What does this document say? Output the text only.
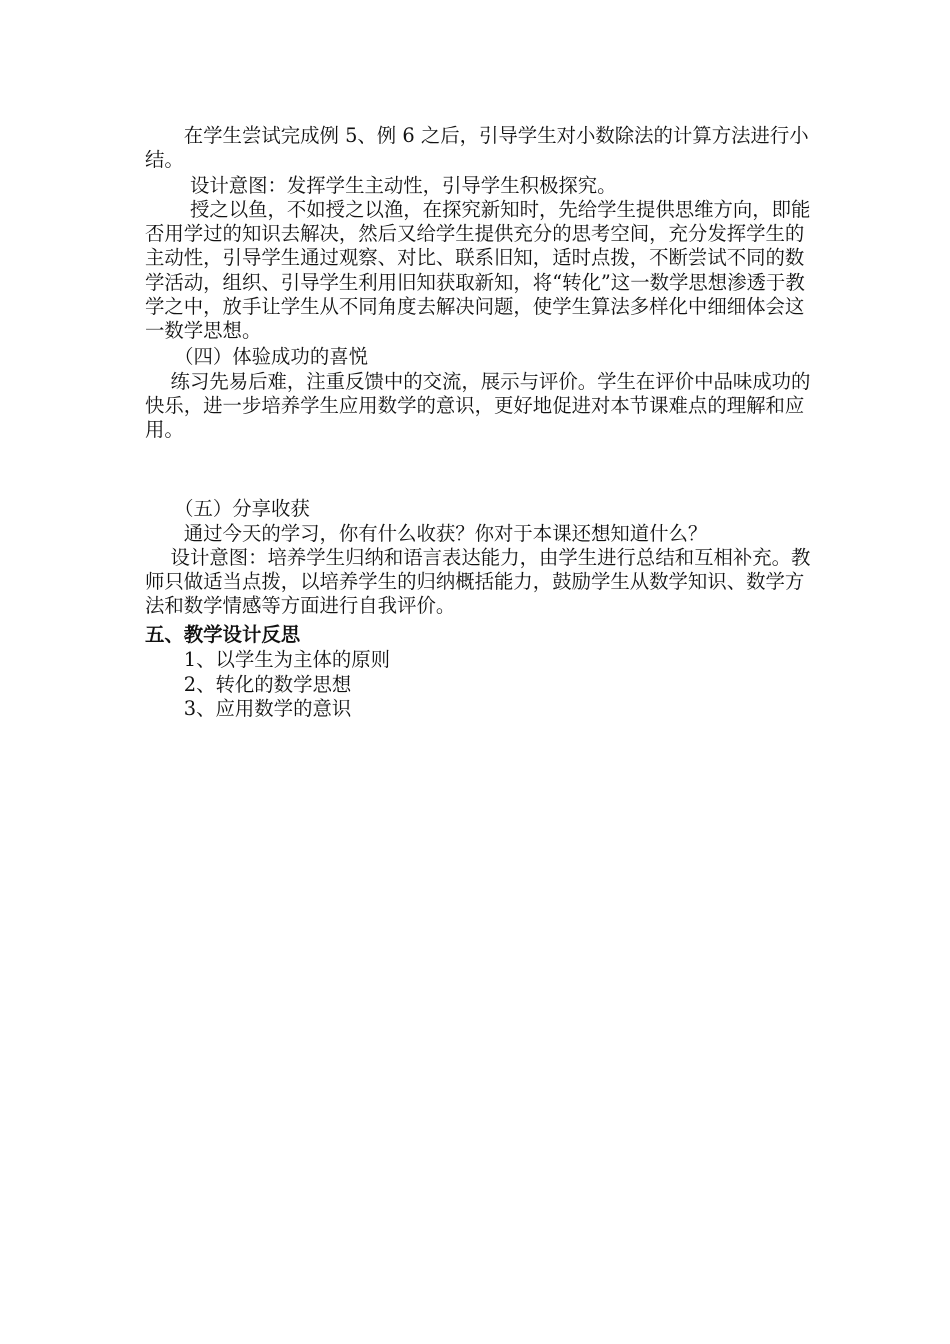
　　在学生尝试完成例 5、例 6 之后，引导学生对小数除法的计算方法进行小结。
　　 设计意图：发挥学生主动性，引导学生积极探究。
　　 授之以鱼，不如授之以渔，在探究新知时，先给学生提供思维方向，即能否用学过的知识去解决，然后又给学生提供充分的思考空间，充分发挥学生的主动性，引导学生通过观察、对比、联系旧知，适时点拨，不断尝试不同的数学活动，组织、引导学生利用旧知获取新知，将“转化”这一数学思想渗透于教学之中，放手让学生从不同角度去解决问题，使学生算法多样化中细细体会这一数学思想。
　　（四）体验成功的喜悦
　 练习先易后难，注重反馈中的交流，展示与评价。学生在评价中品味成功的快乐，进一步培养学生应用数学的意识，更好地促进对本节课难点的理解和应用。
　　（五）分享收获
　　通过今天的学习，你有什么收获？你对于本课还想知道什么？
　 设计意图：培养学生归纳和语言表达能力，由学生进行总结和互相补充。教师只做适当点拨，以培养学生的归纳概括能力，鼓励学生从数学知识、数学方法和数学情感等方面进行自我评价。
五、教学设计反思
　　1、以学生为主体的原则
　　2、转化的数学思想
　　3、应用数学的意识
